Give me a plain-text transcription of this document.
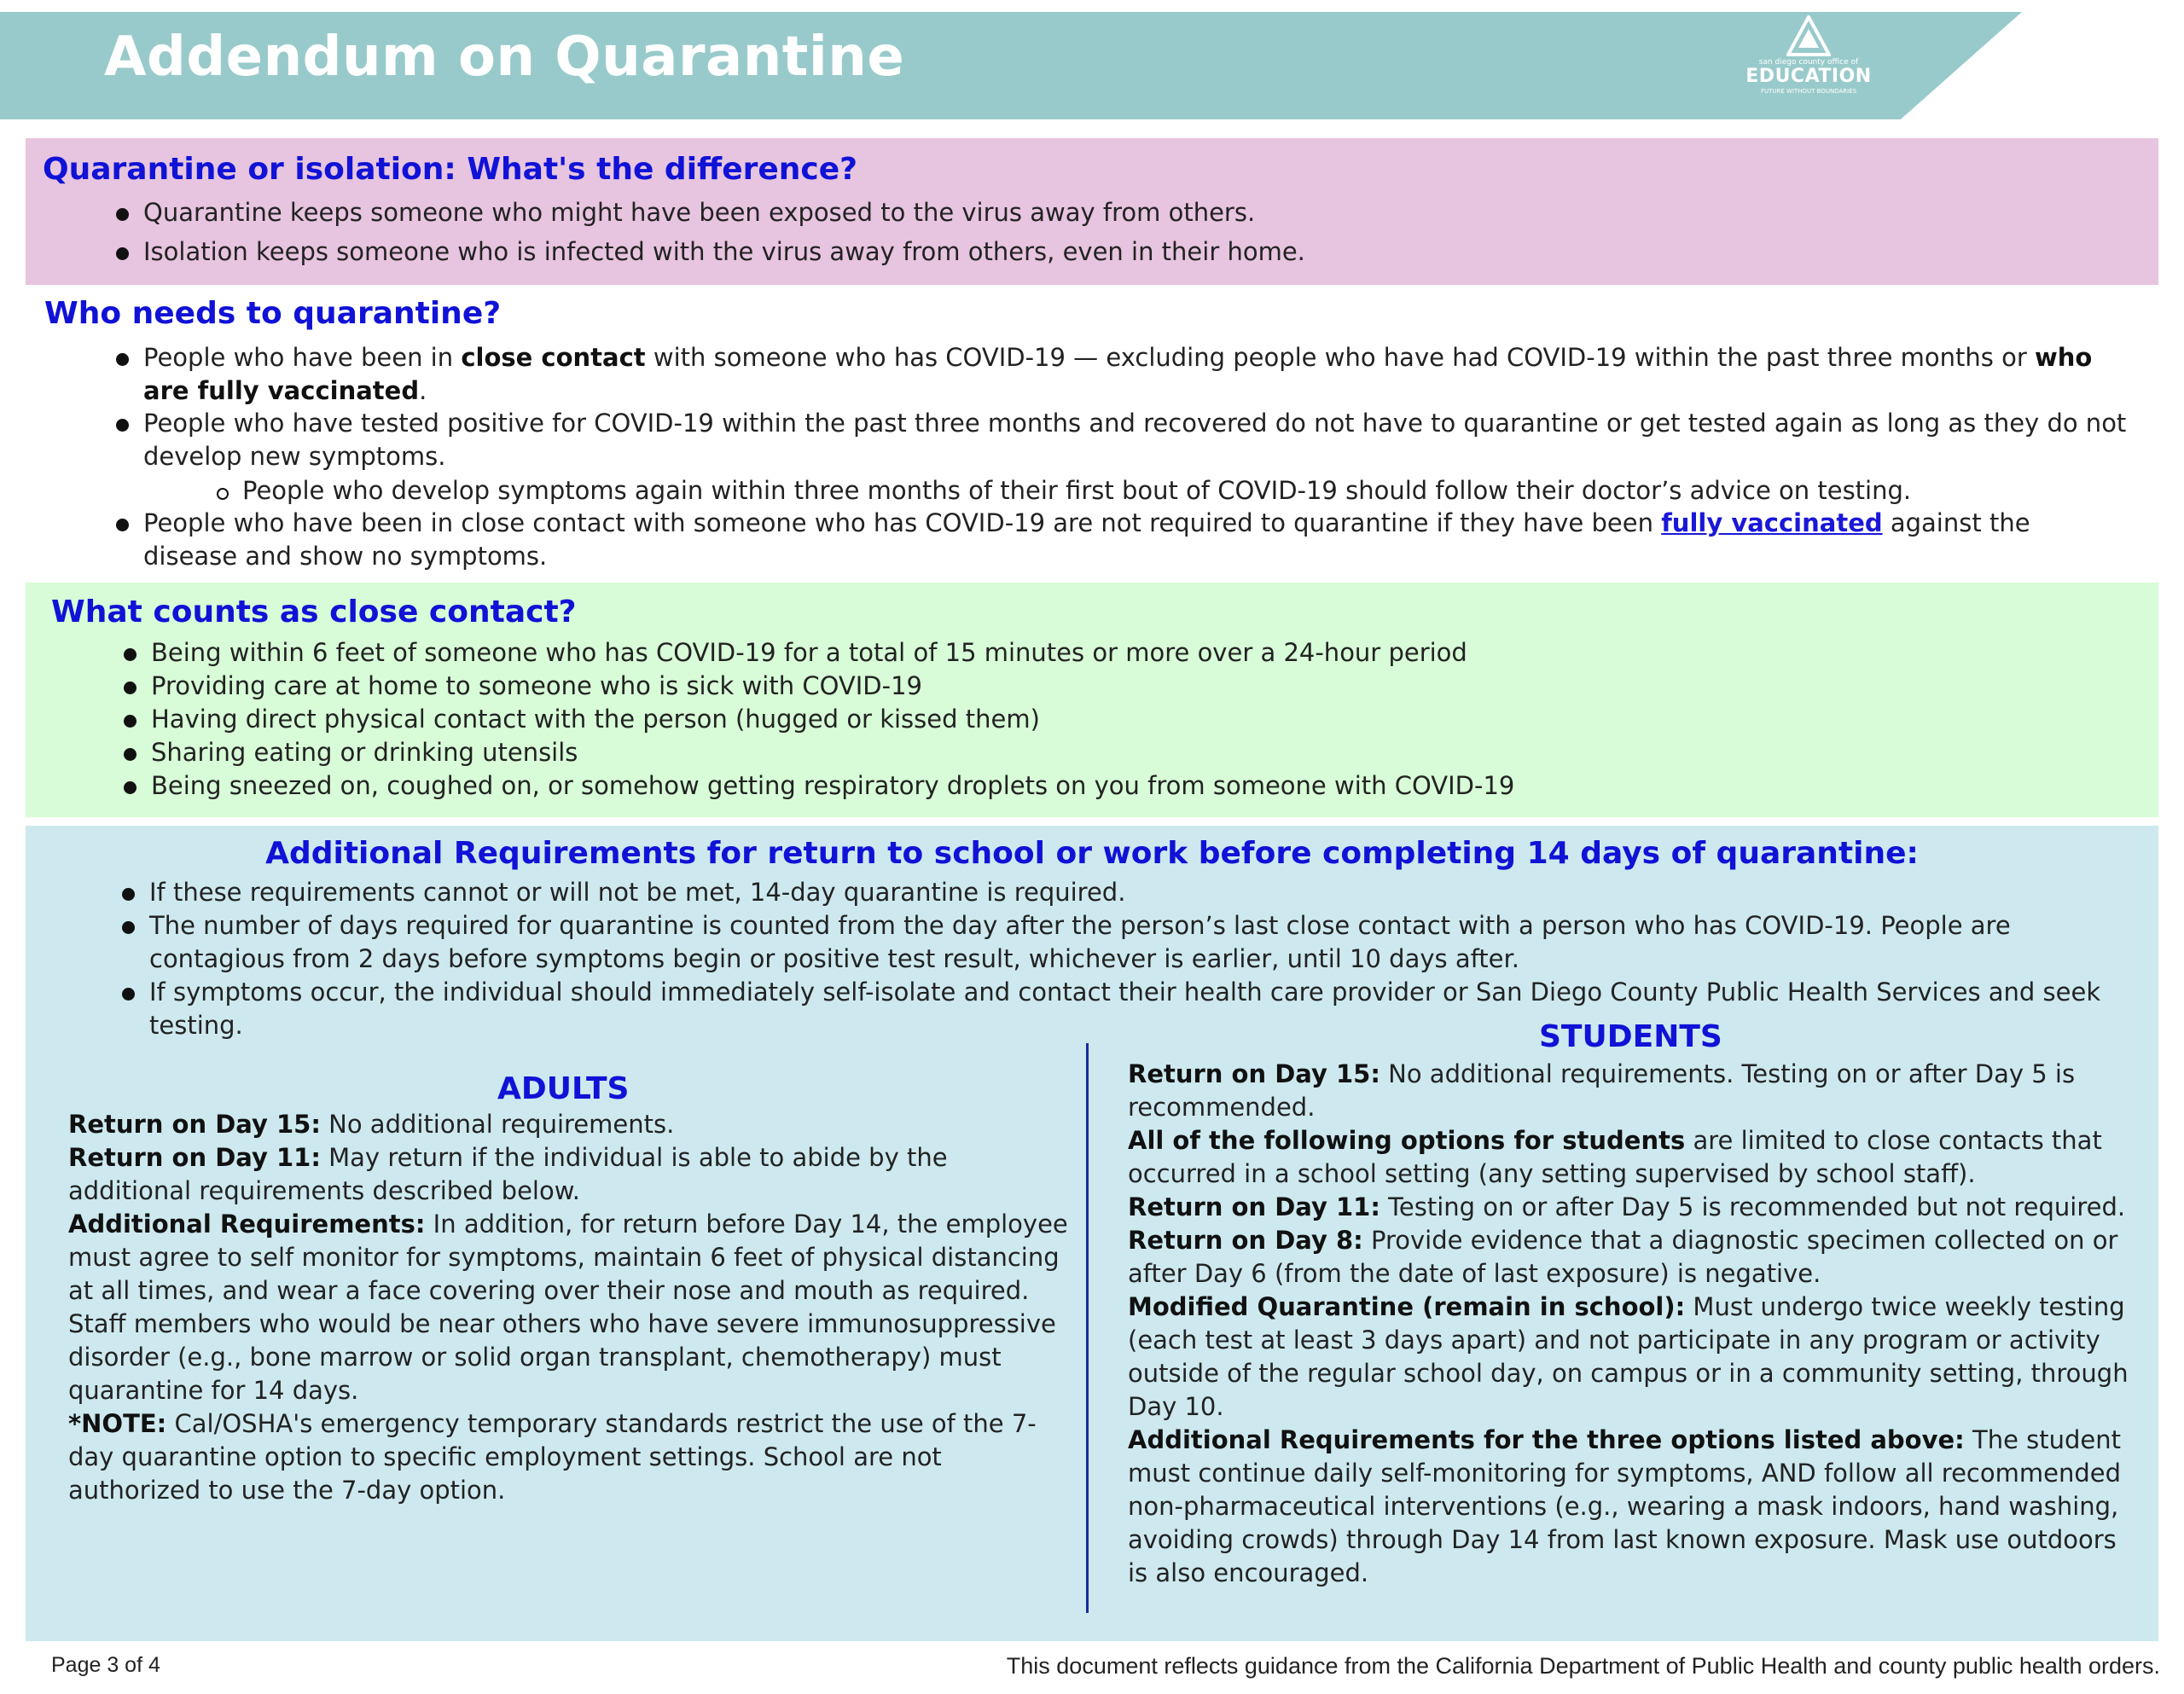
Addendum on Quarantine	san diego county office of
EDUCATION
FUTURE WITHOUT BOUNDARIES
Quarantine or isolation: What's the difference?
Quarantine keeps someone who might have been exposed to the virus away from others.
Isolation keeps someone who is infected with the virus away from others, even in their home.
Who needs to quarantine?
People who have been in close contact with someone who has COVID-19 — excluding people who have had COVID-19 within the past three months or who are fully vaccinated.
People who have tested positive for COVID-19 within the past three months and recovered do not have to quarantine or get tested again as long as they do not develop new symptoms.
People who develop symptoms again within three months of their first bout of COVID-19 should follow their doctor’s advice on testing.
People who have been in close contact with someone who has COVID-19 are not required to quarantine if they have been fully vaccinated against the disease and show no symptoms.
What counts as close contact?
Being within 6 feet of someone who has COVID-19 for a total of 15 minutes or more over a 24-hour period
Providing care at home to someone who is sick with COVID-19
Having direct physical contact with the person (hugged or kissed them)
Sharing eating or drinking utensils
Being sneezed on, coughed on, or somehow getting respiratory droplets on you from someone with COVID-19
Additional Requirements for return to school or work before completing 14 days of quarantine:
If these requirements cannot or will not be met, 14-day quarantine is required.
The number of days required for quarantine is counted from the day after the person’s last close contact with a person who has COVID-19. People are contagious from 2 days before symptoms begin or positive test result, whichever is earlier, until 10 days after.
If symptoms occur, the individual should immediately self-isolate and contact their health care provider or San Diego County Public Health Services and seek testing.
ADULTS
Return on Day 15: No additional requirements.
Return on Day 11: May return if the individual is able to abide by the additional requirements described below.
Additional Requirements: In addition, for return before Day 14, the employee must agree to self monitor for symptoms, maintain 6 feet of physical distancing at all times, and wear a face covering over their nose and mouth as required. Staff members who would be near others who have severe immunosuppressive disorder (e.g., bone marrow or solid organ transplant, chemotherapy) must quarantine for 14 days.
*NOTE: Cal/OSHA's emergency temporary standards restrict the use of the 7-day quarantine option to specific employment settings. School are not authorized to use the 7-day option.
STUDENTS
Return on Day 15: No additional requirements. Testing on or after Day 5 is recommended.
All of the following options for students are limited to close contacts that occurred in a school setting (any setting supervised by school staff).
Return on Day 11: Testing on or after Day 5 is recommended but not required.
Return on Day 8: Provide evidence that a diagnostic specimen collected on or after Day 6 (from the date of last exposure) is negative.
Modified Quarantine (remain in school): Must undergo twice weekly testing (each test at least 3 days apart) and not participate in any program or activity outside of the regular school day, on campus or in a community setting, through Day 10.
Additional Requirements for the three options listed above: The student must continue daily self-monitoring for symptoms, AND follow all recommended non-pharmaceutical interventions (e.g., wearing a mask indoors, hand washing, avoiding crowds) through Day 14 from last known exposure. Mask use outdoors is also encouraged.
Page 3 of 4	This document reflects guidance from the California Department of Public Health and county public health orders.
